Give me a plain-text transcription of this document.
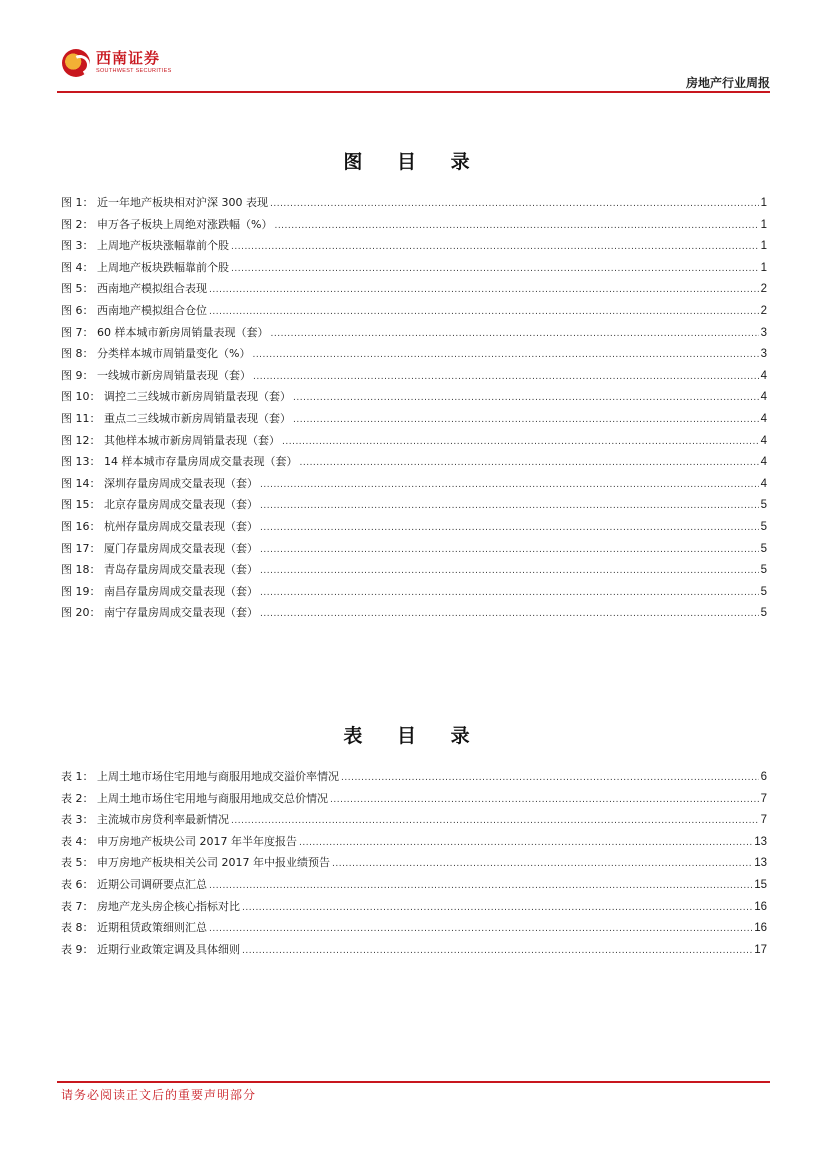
西南证券
SOUTHWEST SECURITIES
房地产行业周报
图 目 录
图 1： 近一年地产板块相对沪深 300 表现 .....	1
图 2： 申万各子板块上周绝对涨跌幅（%） .....	1
图 3： 上周地产板块涨幅靠前个股 .....	1
图 4： 上周地产板块跌幅靠前个股 .....	1
图 5： 西南地产模拟组合表现 .....	2
图 6： 西南地产模拟组合仓位 .....	2
图 7： 60 样本城市新房周销量表现（套） .....	3
图 8： 分类样本城市周销量变化（%） .....	3
图 9： 一线城市新房周销量表现（套） .....	4
图 10： 调控二三线城市新房周销量表现（套） .....	4
图 11： 重点二三线城市新房周销量表现（套） .....	4
图 12： 其他样本城市新房周销量表现（套） .....	4
图 13： 14 样本城市存量房周成交量表现（套） .....	4
图 14： 深圳存量房周成交量表现（套） .....	4
图 15： 北京存量房周成交量表现（套） .....	5
图 16： 杭州存量房周成交量表现（套） .....	5
图 17： 厦门存量房周成交量表现（套） .....	5
图 18： 青岛存量房周成交量表现（套） .....	5
图 19： 南昌存量房周成交量表现（套） .....	5
图 20： 南宁存量房周成交量表现（套） .....	5
表 目 录
表 1： 上周土地市场住宅用地与商服用地成交溢价率情况 .....	6
表 2： 上周土地市场住宅用地与商服用地成交总价情况 .....	7
表 3： 主流城市房贷利率最新情况 .....	7
表 4： 申万房地产板块公司 2017 年半年度报告 .....	13
表 5： 申万房地产板块相关公司 2017 年中报业绩预告 .....	13
表 6： 近期公司调研要点汇总 .....	15
表 7： 房地产龙头房企核心指标对比 .....	16
表 8： 近期租赁政策细则汇总 .....	16
表 9： 近期行业政策定调及具体细则 .....	17
请务必阅读正文后的重要声明部分
